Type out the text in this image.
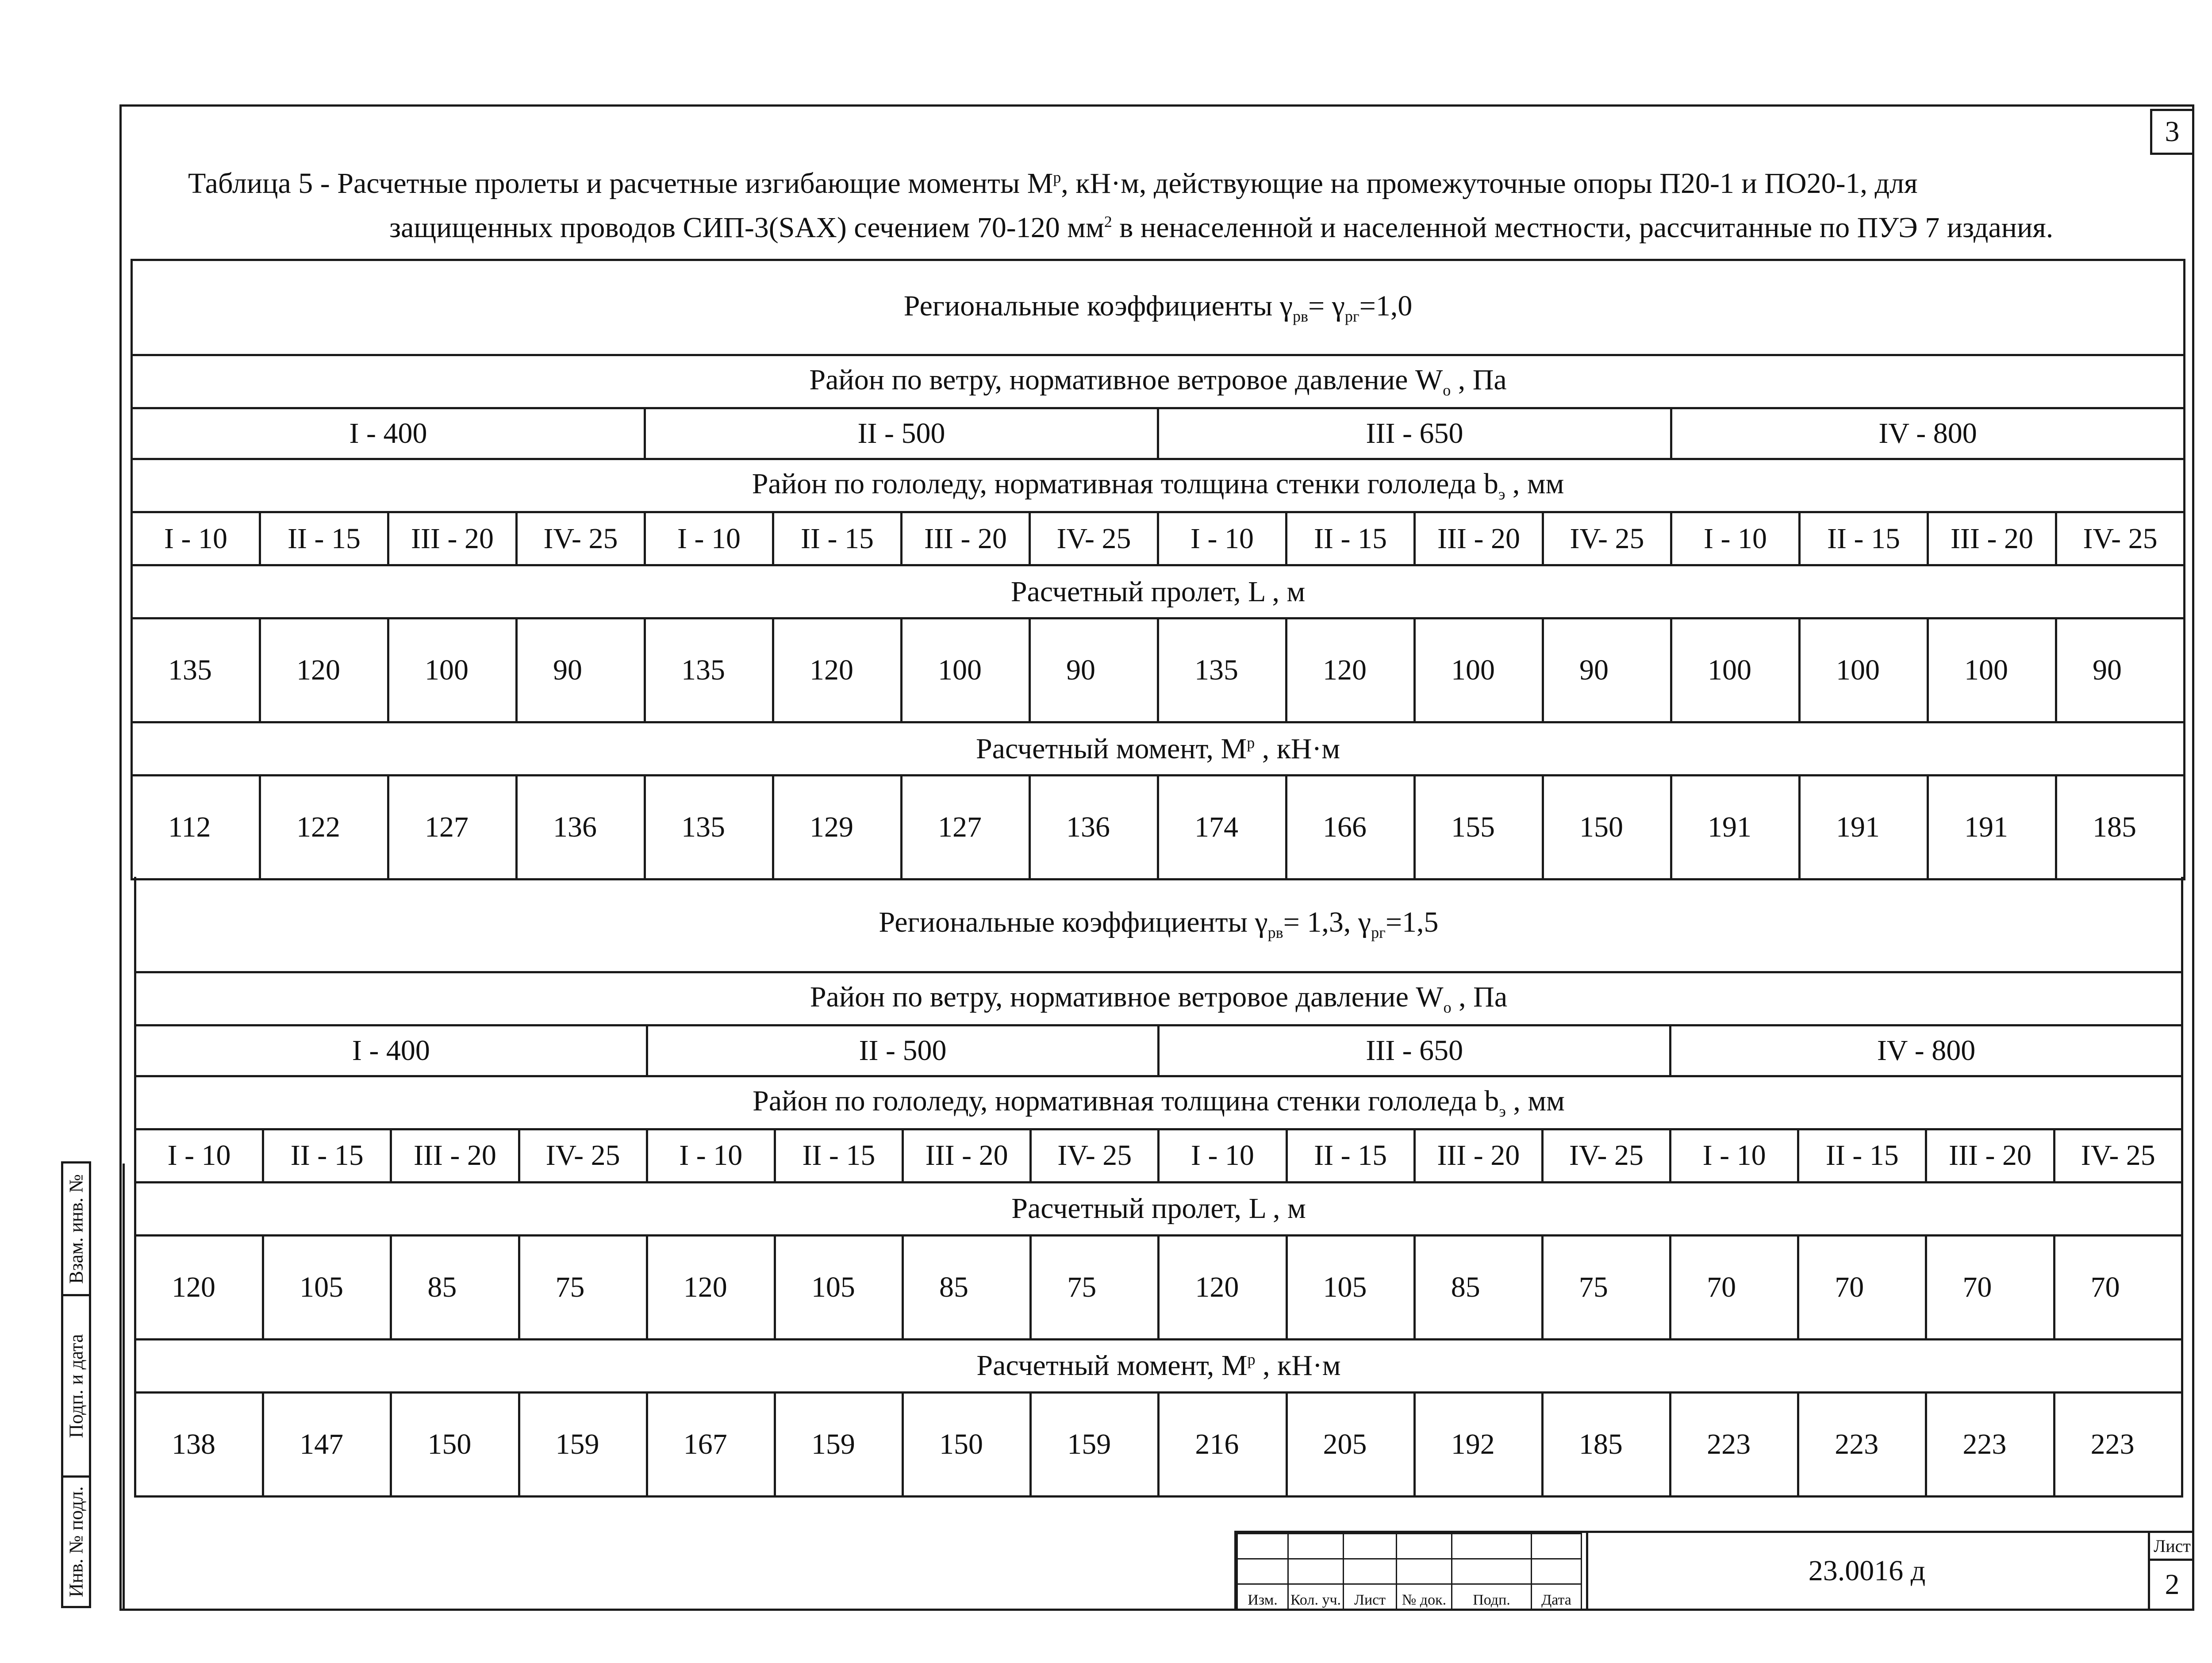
3
Таблица 5 - Расчетные пролеты и расчетные изгибающие моменты $М^р$, кН·м, действующие на промежуточные опоры П20-1 и ПО20-1, для
защищенных проводов СИП-3(SAX) сечением 70-120 $мм^2$ в ненаселенной и населенной местности, рассчитанные по ПУЭ 7 издания.
Региональные коэффициенты $\gamma_{рв}= \gamma_{рг}=1,0$															
Район по ветру, нормативное ветровое давление $W_о$ , Па															
I - 400				II - 500				III - 650				IV - 800			
Район по гололеду, нормативная толщина стенки гололеда $b_э$ , мм															
I - 10	II - 15	III - 20	IV- 25	I - 10	II - 15	III - 20	IV- 25	I - 10	II - 15	III - 20	IV- 25	I - 10	II - 15	III - 20	IV- 25
Расчетный пролет, L , м															
135	120	100	90	135	120	100	90	135	120	100	90	100	100	100	90
Расчетный момент, $М^р$ , кН·м															
112	122	127	136	135	129	127	136	174	166	155	150	191	191	191	185
Региональные коэффициенты $\gamma_{рв}= 1,3$, $\gamma_{рг}=1,5$															
Район по ветру, нормативное ветровое давление $W_о$ , Па															
I - 400				II - 500				III - 650				IV - 800			
Район по гололеду, нормативная толщина стенки гололеда $b_э$ , мм															
I - 10	II - 15	III - 20	IV- 25	I - 10	II - 15	III - 20	IV- 25	I - 10	II - 15	III - 20	IV- 25	I - 10	II - 15	III - 20	IV- 25
Расчетный пролет, L , м															
120	105	85	75	120	105	85	75	120	105	85	75	70	70	70	70
Расчетный момент, $М^р$ , кН·м															
138	147	150	159	167	159	150	159	216	205	192	185	223	223	223	223
Взам. инв. №
Подп. и дата
Инв. № подл.

Изм.	Кол. уч.	Лист	№ док.	Подп.	Дата
23.0016 д
Лист
2
